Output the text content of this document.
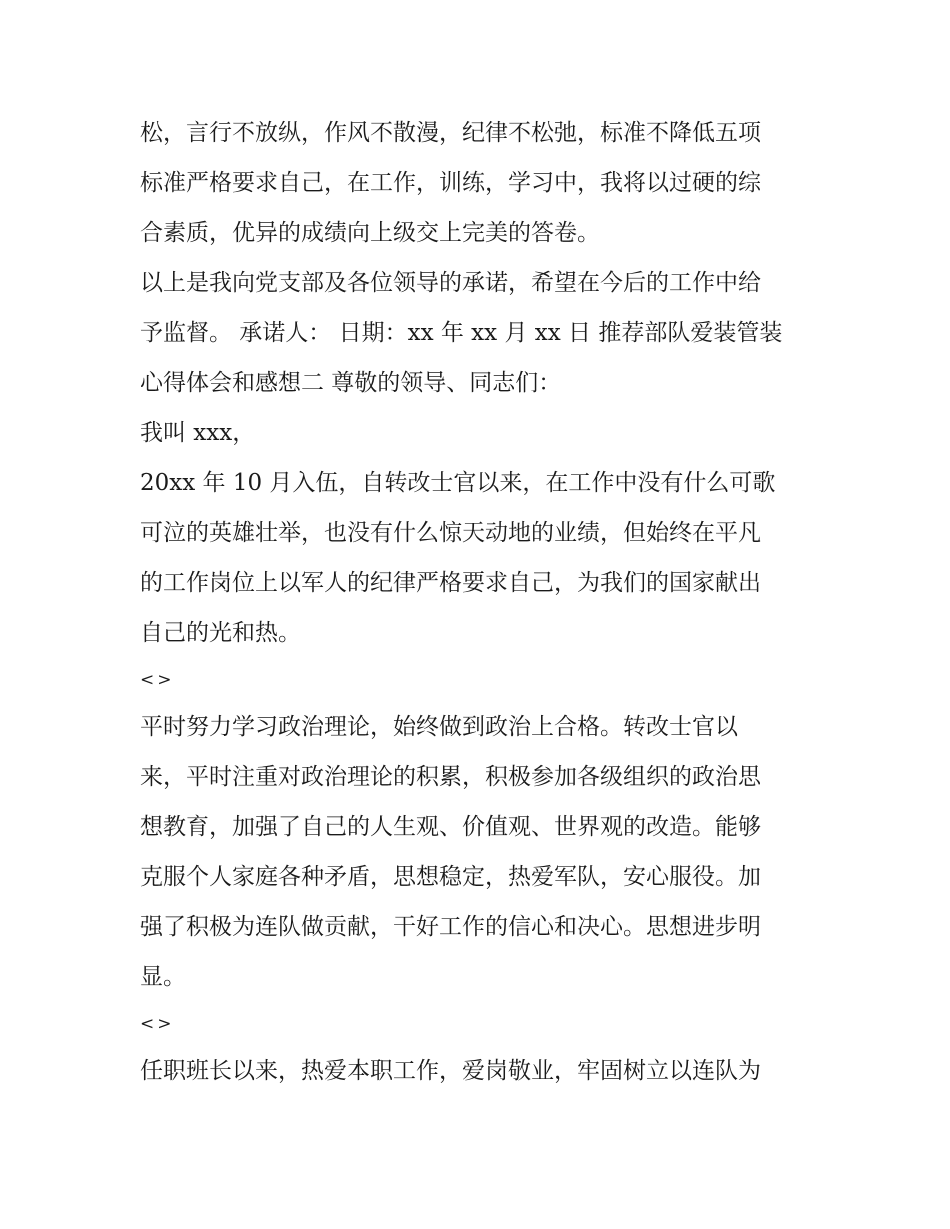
松，言行不放纵，作风不散漫，纪律不松弛，标准不降低五项
标准严格要求自己，在工作，训练，学习中，我将以过硬的综
合素质，优异的成绩向上级交上完美的答卷。
以上是我向党支部及各位领导的承诺，希望在今后的工作中给
予监督。 承诺人： 日期：xx 年 xx 月 xx 日 推荐部队爱装管装
心得体会和感想二 尊敬的领导、同志们：
我叫 xxx，
20xx 年 10 月入伍，自转改士官以来，在工作中没有什么可歌
可泣的英雄壮举，也没有什么惊天动地的业绩，但始终在平凡
的工作岗位上以军人的纪律严格要求自己，为我们的国家献出
自己的光和热。
<>
平时努力学习政治理论，始终做到政治上合格。转改士官以
来，平时注重对政治理论的积累，积极参加各级组织的政治思
想教育，加强了自己的人生观、价值观、世界观的改造。能够
克服个人家庭各种矛盾，思想稳定，热爱军队，安心服役。加
强了积极为连队做贡献，干好工作的信心和决心。思想进步明
显。
<>
任职班长以来，热爱本职工作，爱岗敬业，牢固树立以连队为
